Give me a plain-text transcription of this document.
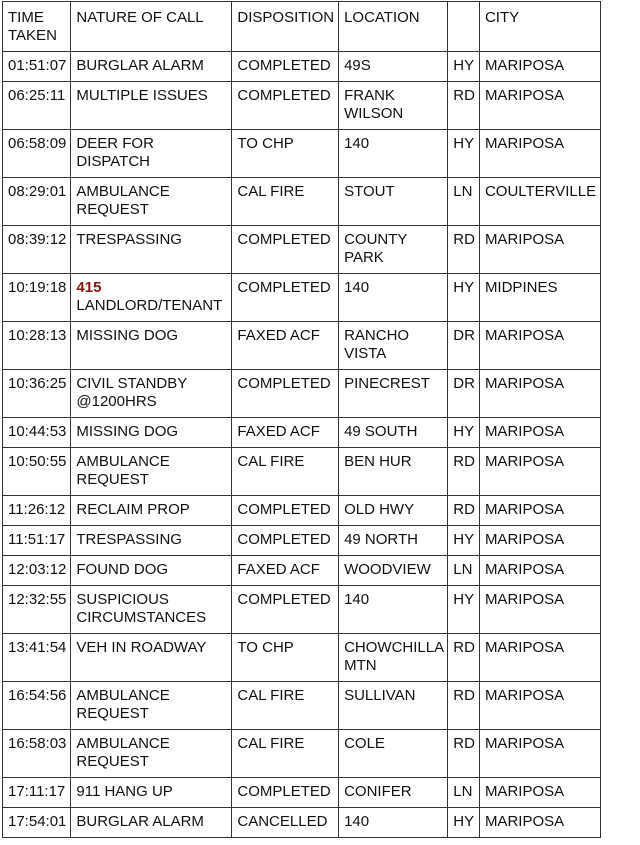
TIME
TAKEN	NATURE OF CALL	DISPOSITION	LOCATION		CITY
01:51:07	BURGLAR ALARM	COMPLETED	49S	HY	MARIPOSA
06:25:11	MULTIPLE ISSUES	COMPLETED	FRANK WILSON	RD	MARIPOSA
06:58:09	DEER FOR DISPATCH	TO CHP	140	HY	MARIPOSA
08:29:01	AMBULANCE REQUEST	CAL FIRE	STOUT	LN	COULTERVILLE
08:39:12	TRESPASSING	COMPLETED	COUNTY PARK	RD	MARIPOSA
10:19:18	415
LANDLORD/TENANT	COMPLETED	140	HY	MIDPINES
10:28:13	MISSING DOG	FAXED ACF	RANCHO VISTA	DR	MARIPOSA
10:36:25	CIVIL STANDBY @1200HRS	COMPLETED	PINECREST	DR	MARIPOSA
10:44:53	MISSING DOG	FAXED ACF	49 SOUTH	HY	MARIPOSA
10:50:55	AMBULANCE REQUEST	CAL FIRE	BEN HUR	RD	MARIPOSA
11:26:12	RECLAIM PROP	COMPLETED	OLD HWY	RD	MARIPOSA
11:51:17	TRESPASSING	COMPLETED	49 NORTH	HY	MARIPOSA
12:03:12	FOUND DOG	FAXED ACF	WOODVIEW	LN	MARIPOSA
12:32:55	SUSPICIOUS CIRCUMSTANCES	COMPLETED	140	HY	MARIPOSA
13:41:54	VEH IN ROADWAY	TO CHP	CHOWCHILLA MTN	RD	MARIPOSA
16:54:56	AMBULANCE REQUEST	CAL FIRE	SULLIVAN	RD	MARIPOSA
16:58:03	AMBULANCE REQUEST	CAL FIRE	COLE	RD	MARIPOSA
17:11:17	911 HANG UP	COMPLETED	CONIFER	LN	MARIPOSA
17:54:01	BURGLAR ALARM	CANCELLED	140	HY	MARIPOSA
